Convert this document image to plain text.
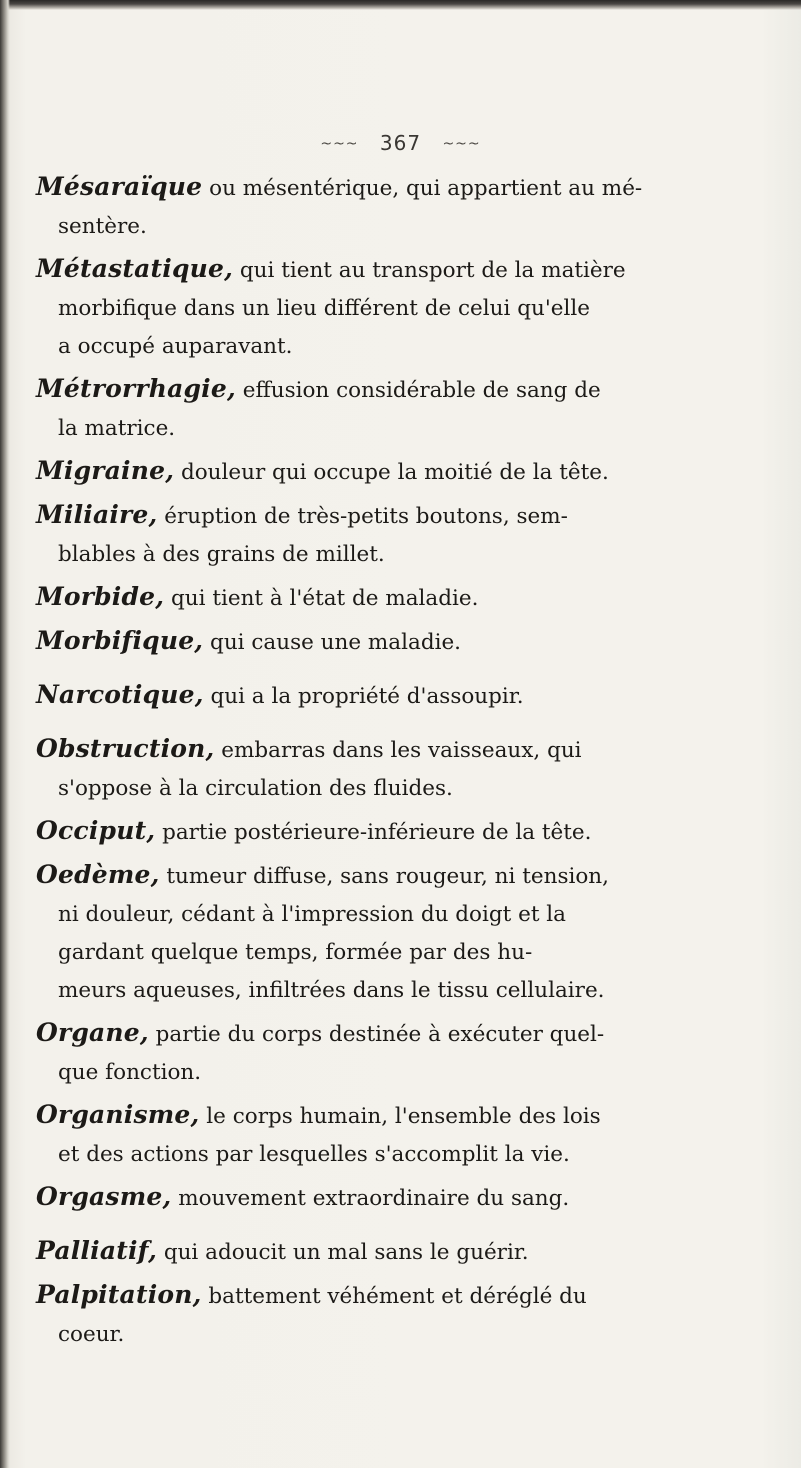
~~~ 367 ~~~

Mésaraïque ou mésentérique, qui appartient au mé-
sentère.

Métastatique, qui tient au transport de la matière
morbifique dans un lieu différent de celui qu'elle
a occupé auparavant.

Métrorrhagie, effusion considérable de sang de
la matrice.

Migraine, douleur qui occupe la moitié de la tête.

Miliaire, éruption de très-petits boutons, sem-
blables à des grains de millet.

Morbide, qui tient à l'état de maladie.

Morbifique, qui cause une maladie.

Narcotique, qui a la propriété d'assoupir.

Obstruction, embarras dans les vaisseaux, qui
s'oppose à la circulation des fluides.

Occiput, partie postérieure-inférieure de la tête.

Oedème, tumeur diffuse, sans rougeur, ni tension,
ni douleur, cédant à l'impression du doigt et la
gardant quelque temps, formée par des hu-
meurs aqueuses, infiltrées dans le tissu cellulaire.

Organe, partie du corps destinée à exécuter quel-
que fonction.

Organisme, le corps humain, l'ensemble des lois
et des actions par lesquelles s'accomplit la vie.

Orgasme, mouvement extraordinaire du sang.

Palliatif, qui adoucit un mal sans le guérir.

Palpitation, battement véhément et déréglé du
coeur.
